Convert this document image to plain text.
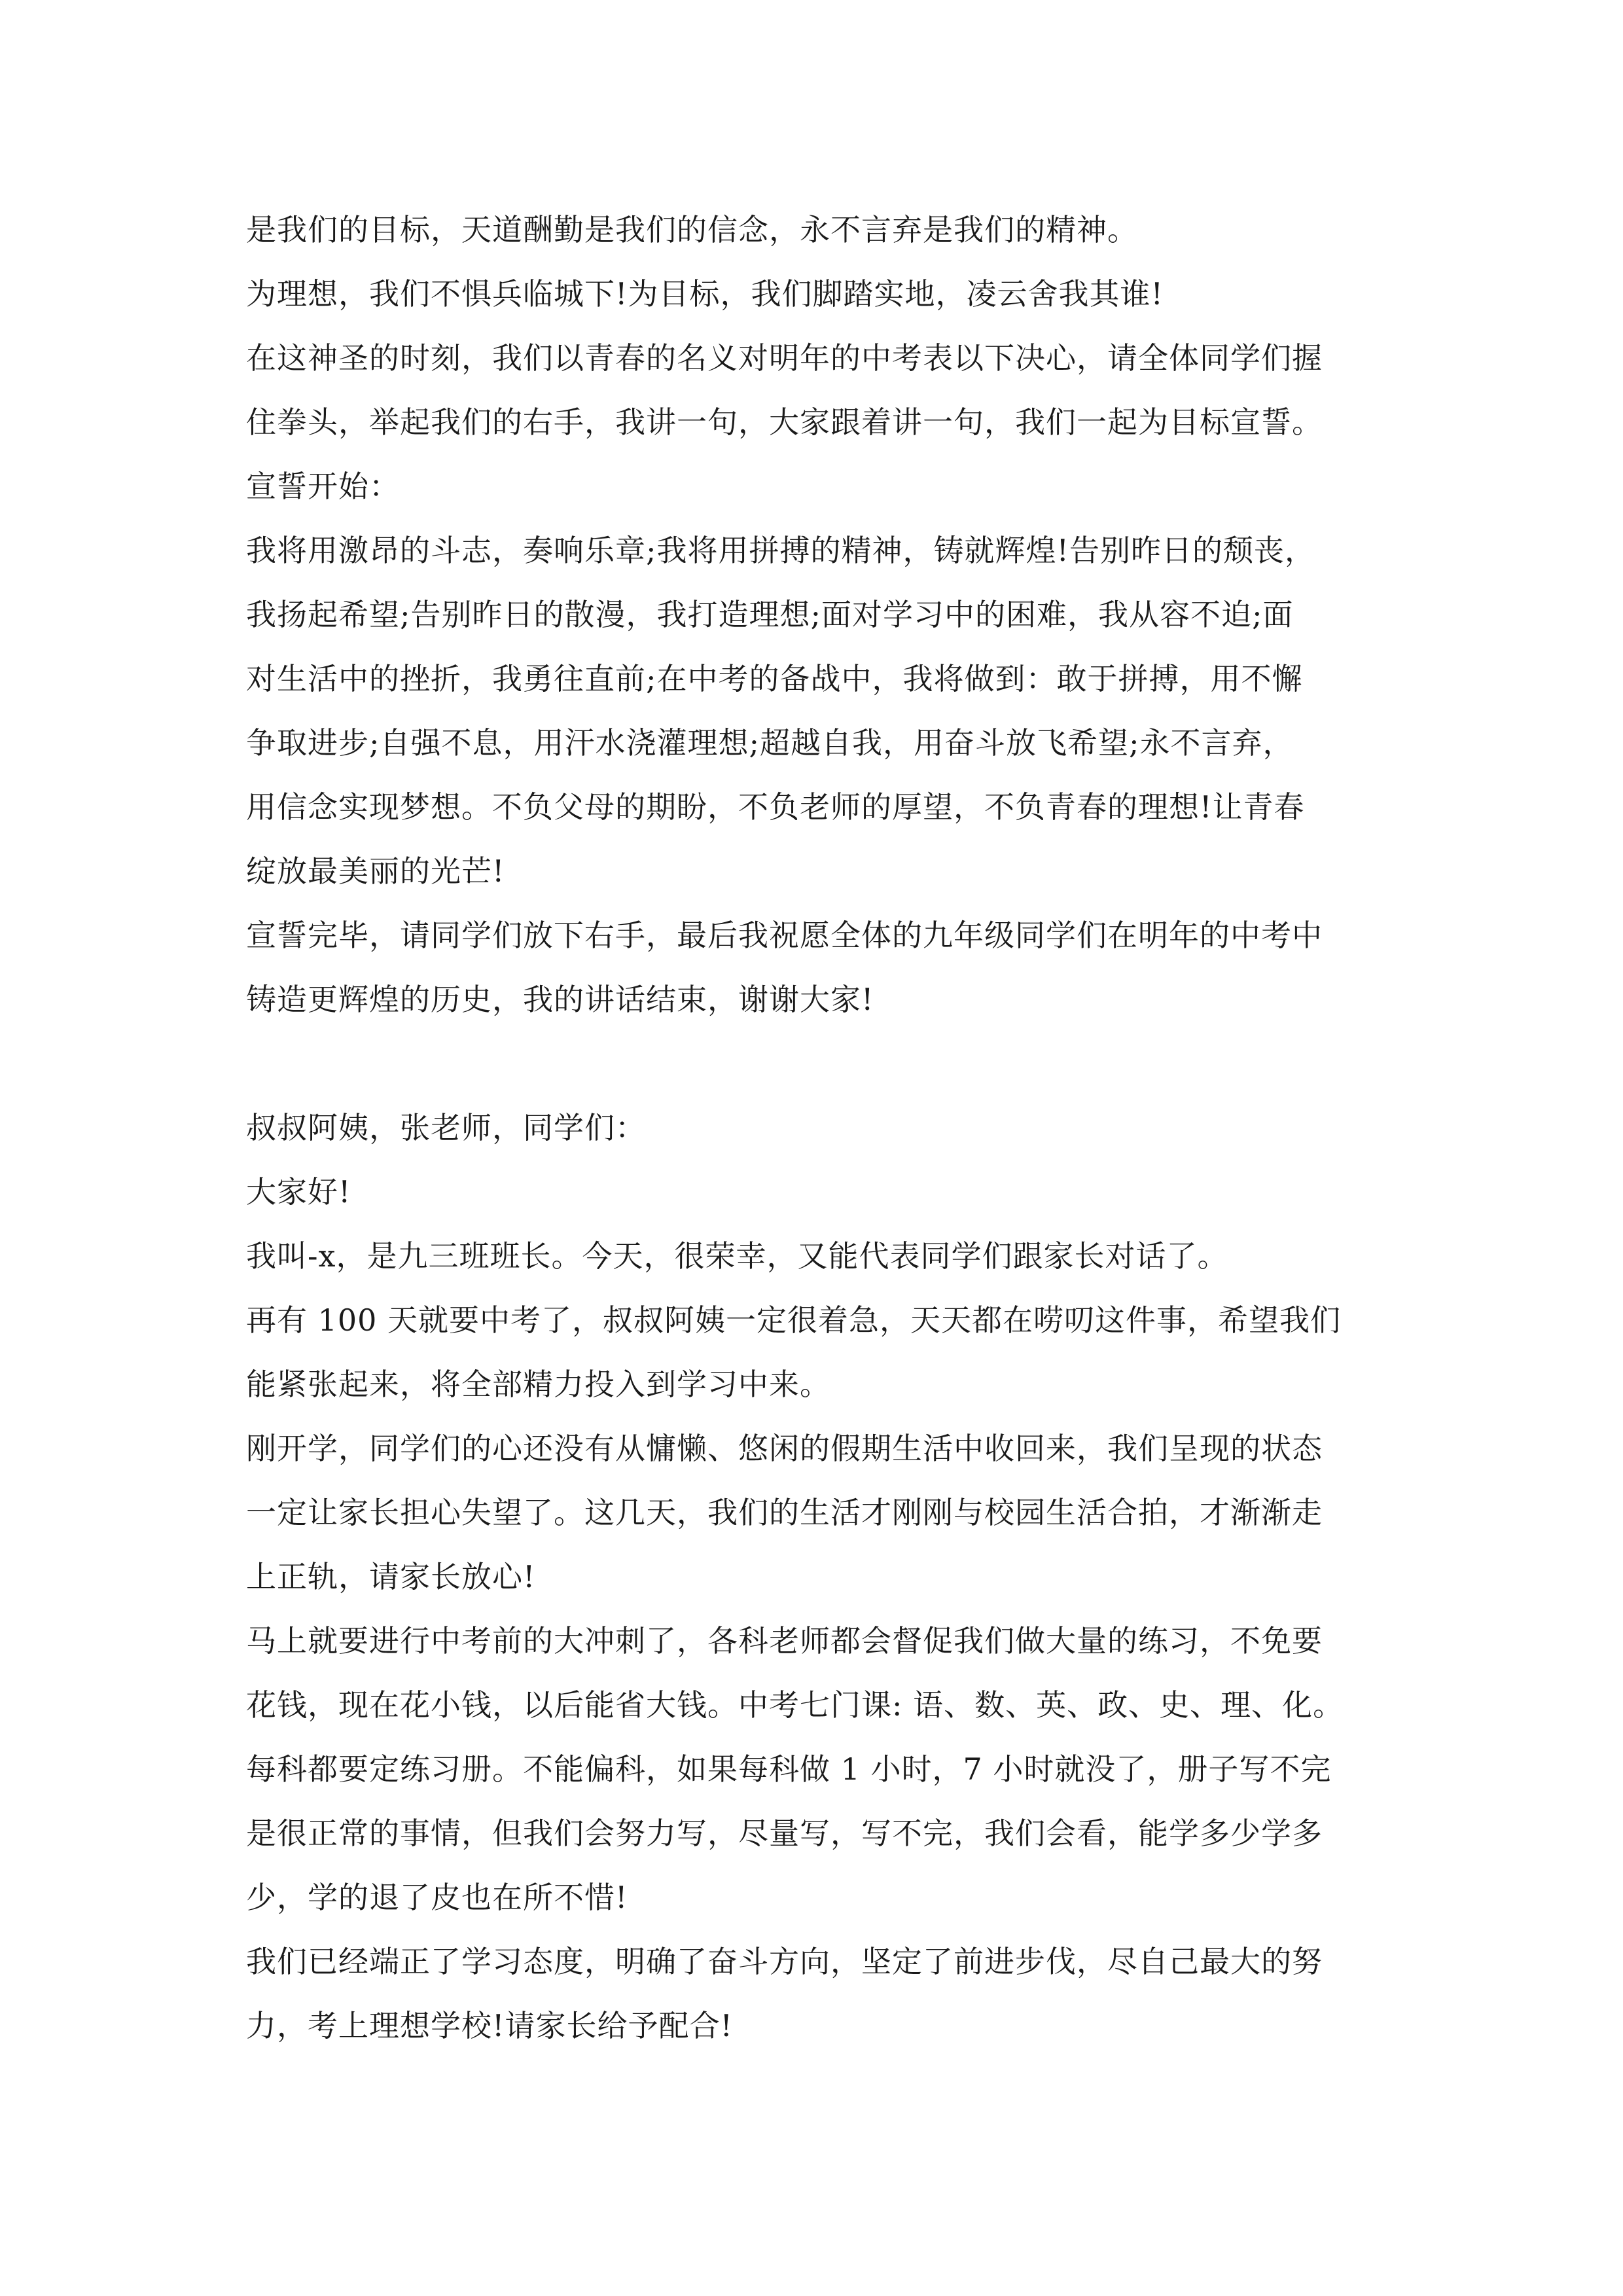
是我们的目标，天道酬勤是我们的信念，永不言弃是我们的精神。
为理想，我们不惧兵临城下!为目标，我们脚踏实地，凌云舍我其谁!
在这神圣的时刻，我们以青春的名义对明年的中考表以下决心，请全体同学们握
住拳头，举起我们的右手，我讲一句，大家跟着讲一句，我们一起为目标宣誓。
宣誓开始：
我将用激昂的斗志，奏响乐章;我将用拼搏的精神，铸就辉煌!告别昨日的颓丧，
我扬起希望;告别昨日的散漫，我打造理想;面对学习中的困难，我从容不迫;面
对生活中的挫折，我勇往直前;在中考的备战中，我将做到：敢于拼搏，用不懈
争取进步;自强不息，用汗水浇灌理想;超越自我，用奋斗放飞希望;永不言弃，
用信念实现梦想。不负父母的期盼，不负老师的厚望，不负青春的理想!让青春
绽放最美丽的光芒!
宣誓完毕，请同学们放下右手，最后我祝愿全体的九年级同学们在明年的中考中
铸造更辉煌的历史，我的讲话结束，谢谢大家!
叔叔阿姨，张老师，同学们：
大家好!
我叫-x，是九三班班长。今天，很荣幸，又能代表同学们跟家长对话了。
再有 100 天就要中考了，叔叔阿姨一定很着急，天天都在唠叨这件事，希望我们
能紧张起来，将全部精力投入到学习中来。
刚开学，同学们的心还没有从慵懒、悠闲的假期生活中收回来，我们呈现的状态
一定让家长担心失望了。这几天，我们的生活才刚刚与校园生活合拍，才渐渐走
上正轨，请家长放心!
马上就要进行中考前的大冲刺了，各科老师都会督促我们做大量的练习，不免要
花钱，现在花小钱，以后能省大钱。中考七门课: 语、数、英、政、史、理、化。
每科都要定练习册。不能偏科，如果每科做 1 小时，7 小时就没了，册子写不完
是很正常的事情，但我们会努力写，尽量写，写不完，我们会看，能学多少学多
少，学的退了皮也在所不惜!
我们已经端正了学习态度，明确了奋斗方向，坚定了前进步伐，尽自己最大的努
力，考上理想学校!请家长给予配合!
